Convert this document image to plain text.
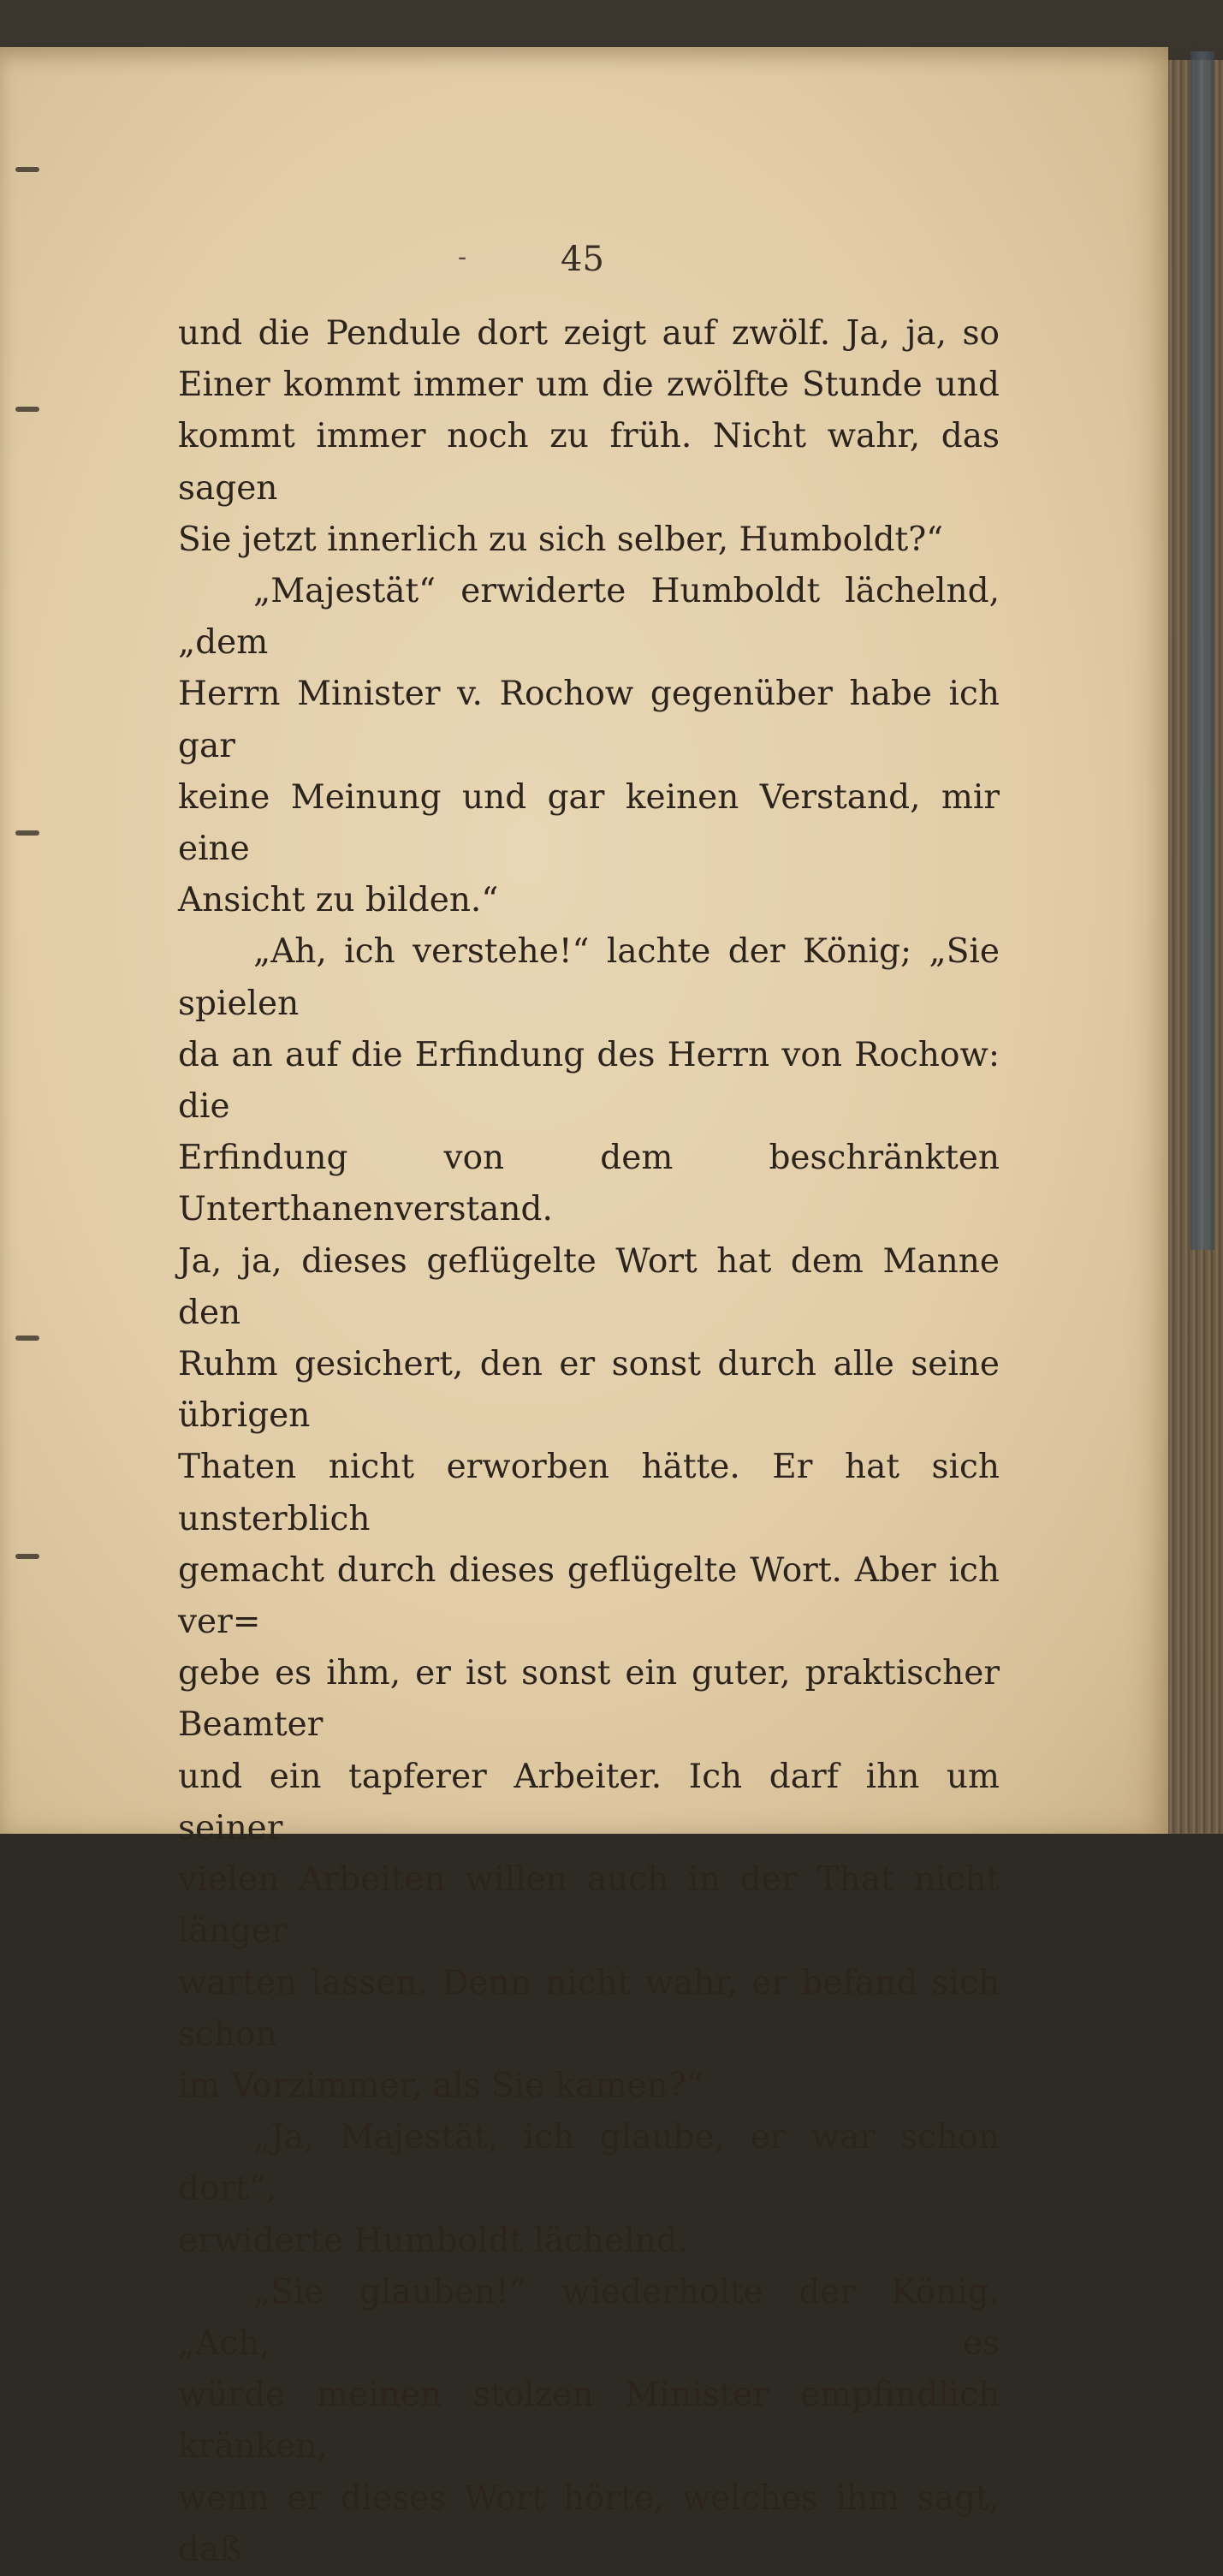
-	45

und die Pendule dort zeigt auf zwölf. Ja, ja, so
Einer kommt immer um die zwölfte Stunde und
kommt immer noch zu früh. Nicht wahr, das sagen

Sie jetzt innerlich zu sich selber, Humboldt?“

„Majestät“ erwiderte Humboldt lächelnd, „dem
Herrn Minister v. Rochow gegenüber habe ich gar
keine Meinung und gar keinen Verstand, mir eine

Ansicht zu bilden.“

„Ah, ich verstehe!“ lachte der König; „Sie spielen
da an auf die Erfindung des Herrn von Rochow: die
Erfindung von dem beschränkten Unterthanenverstand.
Ja, ja, dieses geflügelte Wort hat dem Manne den
Ruhm gesichert, den er sonst durch alle seine übrigen
Thaten nicht erworben hätte. Er hat sich unsterblich
gemacht durch dieses geflügelte Wort. Aber ich ver=
gebe es ihm, er ist sonst ein guter, praktischer Beamter
und ein tapferer Arbeiter. Ich darf ihn um seiner
vielen Arbeiten willen auch in der That nicht länger
warten lassen. Denn nicht wahr, er befand sich schon

im Vorzimmer, als Sie kamen?“

„Ja, Majestät, ich glaube, er war schon dort“,

erwiderte Humboldt lächelnd.

„Sie glauben!“ wiederholte der König. „Ach, es
würde meinen stolzen Minister empfindlich kränken,
wenn er dieses Wort hörte, welches ihm sagt, daß
